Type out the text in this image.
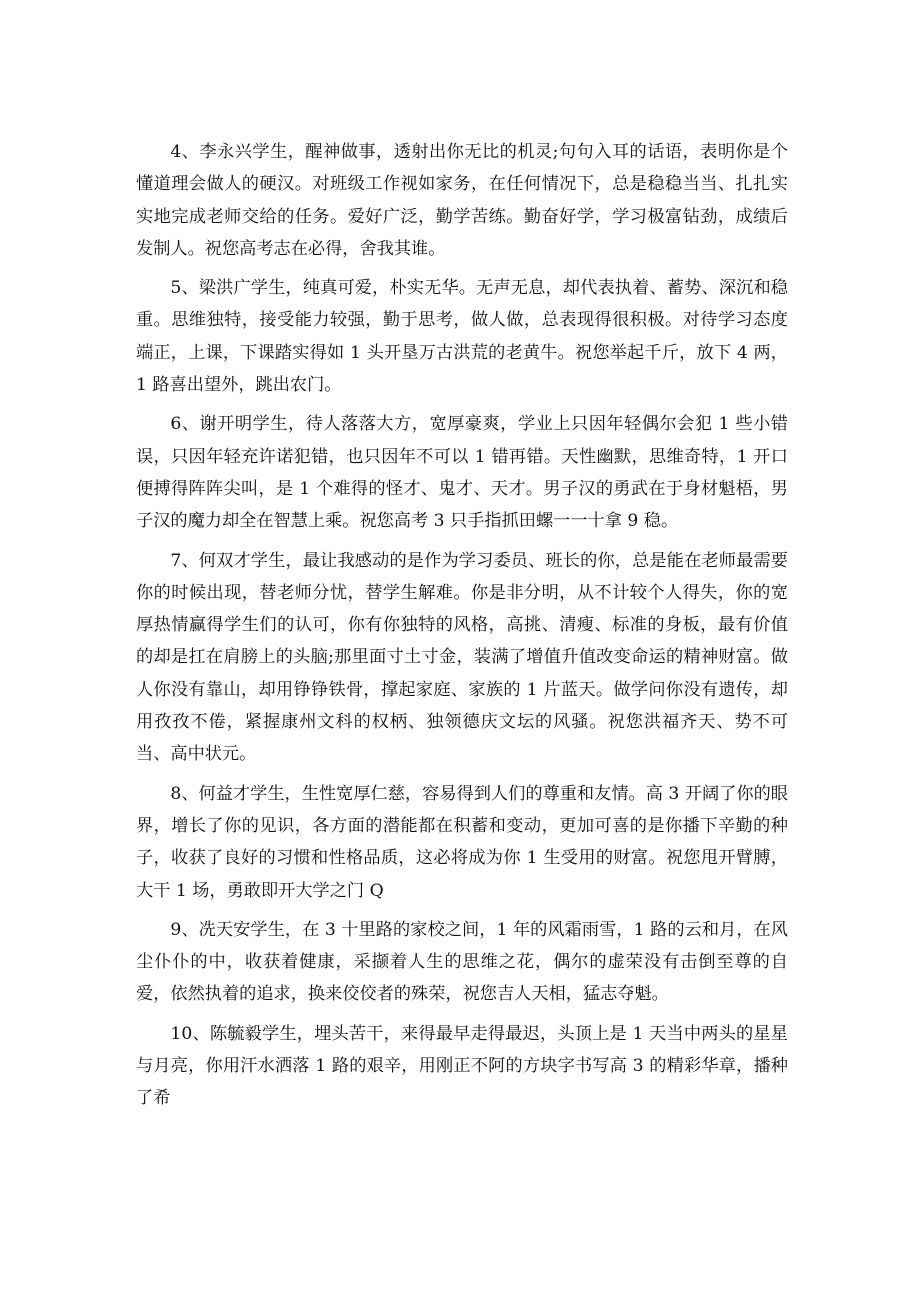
4、李永兴学生，醒神做事，透射出你无比的机灵;句句入耳的话语，表明你是个懂道理会做人的硬汉。对班级工作视如家务，在任何情况下，总是稳稳当当、扎扎实实地完成老师交给的任务。爱好广泛，勤学苦练。勤奋好学，学习极富钻劲，成绩后发制人。祝您高考志在必得，舍我其谁。

5、梁洪广学生，纯真可爱，朴实无华。无声无息，却代表执着、蓄势、深沉和稳重。思维独特，接受能力较强，勤于思考，做人做，总表现得很积极。对待学习态度端正，上课，下课踏实得如 1 头开垦万古洪荒的老黄牛。祝您举起千斤，放下 4 两，1 路喜出望外，跳出农门。

6、谢开明学生，待人落落大方，宽厚豪爽，学业上只因年轻偶尔会犯 1 些小错误，只因年轻充许诺犯错，也只因年不可以 1 错再错。天性幽默，思维奇特，1 开口便搏得阵阵尖叫，是 1 个难得的怪才、鬼才、天才。男子汉的勇武在于身材魁梧，男子汉的魔力却全在智慧上乘。祝您高考 3 只手指抓田螺一一十拿 9 稳。

7、何双才学生，最让我感动的是作为学习委员、班长的你，总是能在老师最需要你的时候出现，替老师分忧，替学生解难。你是非分明，从不计较个人得失，你的宽厚热情赢得学生们的认可，你有你独特的风格，高挑、清瘦、标准的身板，最有价值的却是扛在肩膀上的头脑;那里面寸土寸金，装满了增值升值改变命运的精神财富。做人你没有靠山，却用铮铮铁骨，撑起家庭、家族的 1 片蓝天。做学问你没有遗传，却用孜孜不倦，紧握康州文科的权柄、独领德庆文坛的风骚。祝您洪福齐天、势不可当、高中状元。

8、何益才学生，生性宽厚仁慈，容易得到人们的尊重和友情。高 3 开阔了你的眼界，增长了你的见识，各方面的潜能都在积蓄和变动，更加可喜的是你播下辛勤的种子，收获了良好的习惯和性格品质，这必将成为你 1 生受用的财富。祝您甩开臂膊，大干 1 场，勇敢即开大学之门 Q

9、冼天安学生，在 3 十里路的家校之间，1 年的风霜雨雪，1 路的云和月，在风尘仆仆的中，收获着健康，采撷着人生的思维之花，偶尔的虚荣没有击倒至尊的自爱，依然执着的追求，换来佼佼者的殊荣，祝您吉人天相，猛志夺魁。

10、陈毓毅学生，埋头苦干，来得最早走得最迟，头顶上是 1 天当中两头的星星与月亮，你用汗水洒落 1 路的艰辛，用刚正不阿的方块字书写高 3 的精彩华章，播种了希
